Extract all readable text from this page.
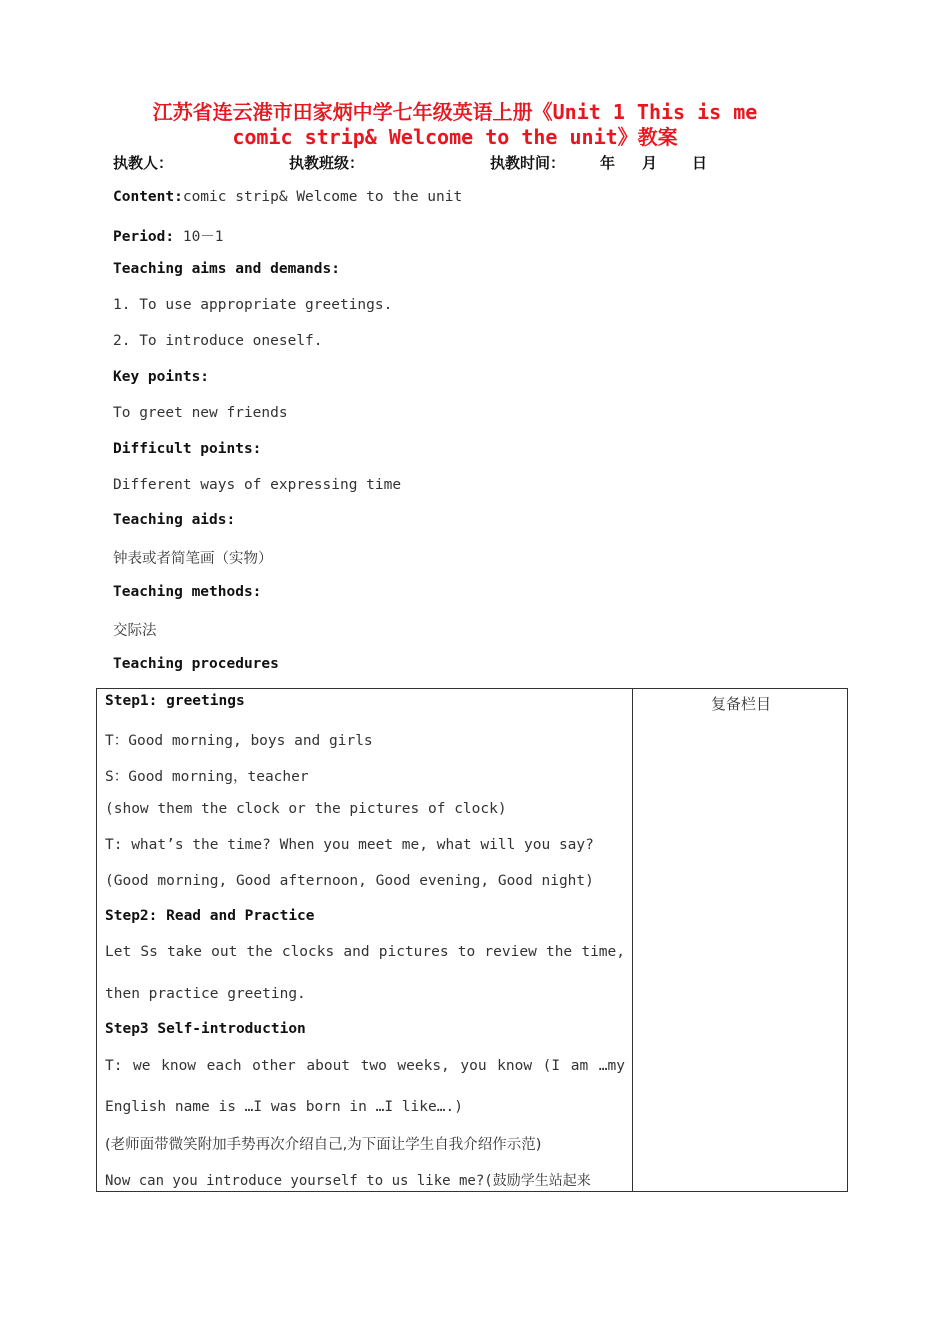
江苏省连云港市田家炳中学七年级英语上册《Unit 1 This is me
comic strip& Welcome to the unit》教案
执教人：	执教班级：	执教时间： 年 月 日
Content:comic strip& Welcome to the unit
Period: 10－1
Teaching aims and demands:
1. To use appropriate greetings.
2. To introduce oneself.
Key points:
To greet new friends
Difficult points:
Different ways of expressing time
Teaching aids:
钟表或者简笔画（实物）
Teaching methods:
交际法
Teaching procedures
复备栏目
Step1: greetings
T：Good morning, boys and girls
S：Good morning，teacher
(show them the clock or the pictures of clock)
T: what’s the time? When you meet me, what will you say?
(Good morning, Good afternoon, Good evening, Good night)
Step2: Read and Practice
Let Ss take out the clocks and pictures to review the time,
then practice greeting.
Step3 Self-introduction
T: we know each other about two weeks, you know (I am …my
English name is …I was born in …I like….)
(老师面带微笑附加手势再次介绍自己,为下面让学生自我介绍作示范)
Now can you introduce yourself to us like me?(鼓励学生站起来
